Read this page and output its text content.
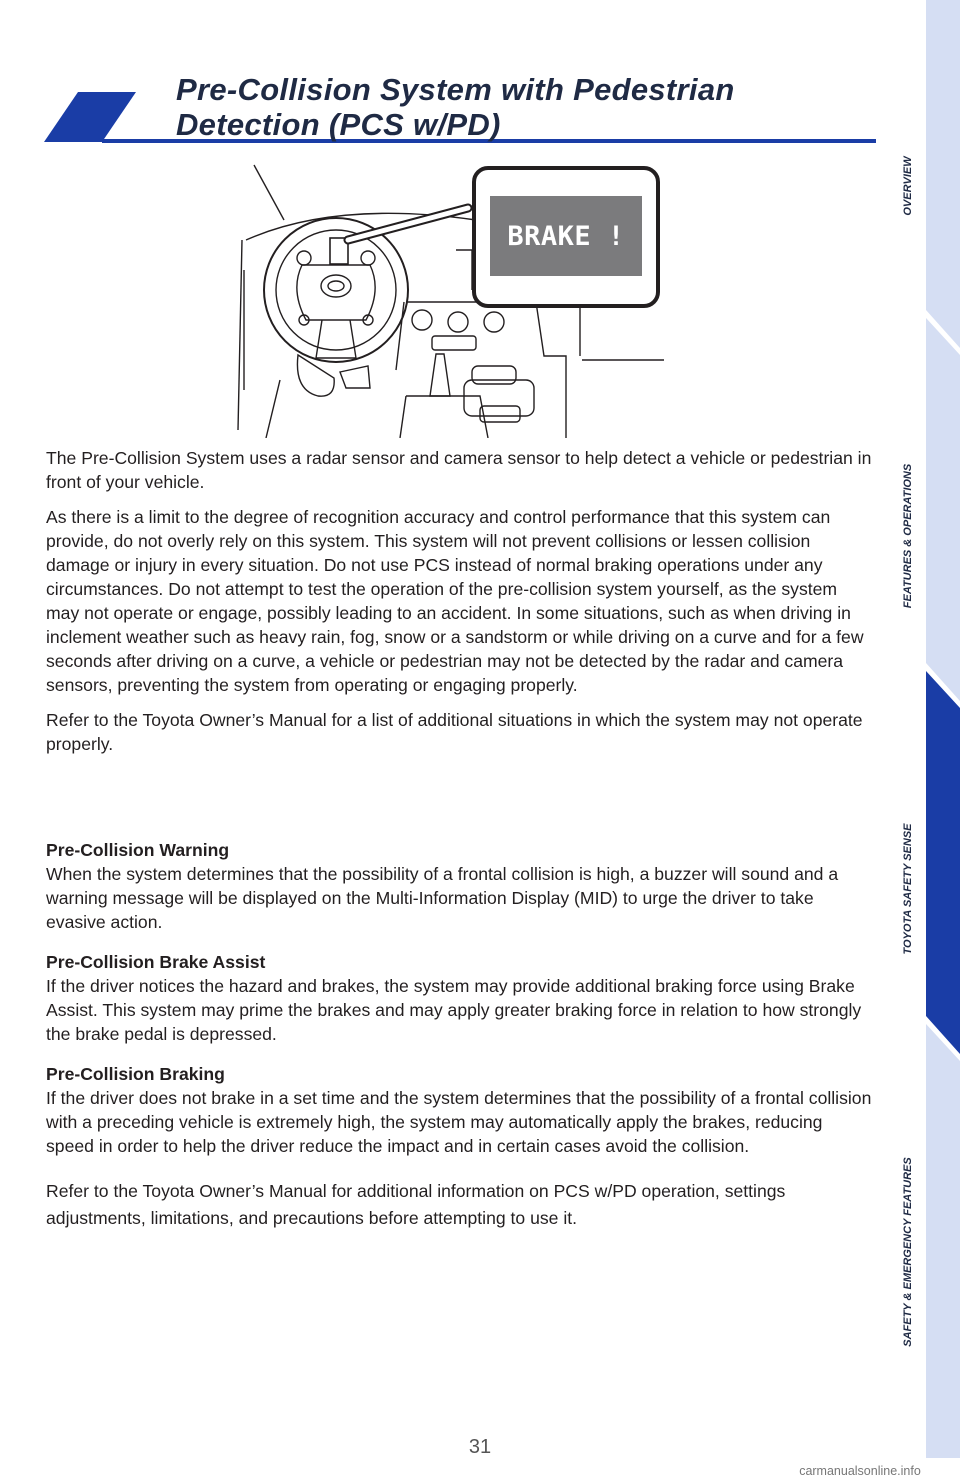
Pre-Collision System with Pedestrian
Detection (PCS w/PD)
BRAKE !

The Pre-Collision System uses a radar sensor and camera sensor to help detect a vehicle or pedestrian in front of your vehicle.

As there is a limit to the degree of recognition accuracy and control performance that this system can provide, do not overly rely on this system. This system will not prevent collisions or lessen collision damage or injury in every situation. Do not use PCS instead of normal braking operations under any circumstances. Do not attempt to test the operation of the pre-collision system yourself, as the system may not operate or engage, possibly leading to an accident. In some situations, such as when driving in inclement weather such as heavy rain, fog, snow or a sandstorm or while driving on a curve and for a few seconds after driving on a curve, a vehicle or pedestrian may not be detected by the radar and camera sensors, preventing the system from operating or engaging properly.

Refer to the Toyota Owner’s Manual for a list of additional situations in which the system may not operate properly.

Pre-Collision Warning

When the system determines that the possibility of a frontal collision is high, a buzzer will sound and a warning message will be displayed on the Multi-Information Display (MID) to urge the driver to take evasive action.

Pre-Collision Brake Assist

If the driver notices the hazard and brakes, the system may provide additional braking force using Brake Assist. This system may prime the brakes and may apply greater braking force in relation to how strongly the brake pedal is depressed.

Pre-Collision Braking

If the driver does not brake in a set time and the system determines that the possibility of a frontal collision with a preceding vehicle is extremely high, the system may automatically apply the brakes, reducing speed in order to help the driver reduce the impact and in certain cases avoid the collision.

Refer to the Toyota Owner’s Manual for additional information on PCS w/PD operation, settings adjustments, limitations, and precautions before attempting to use it.

31
OVERVIEW
FEATURES & OPERATIONS
TOYOTA SAFETY SENSE
SAFETY & EMERGENCY FEATURES
carmanualsonline.info
